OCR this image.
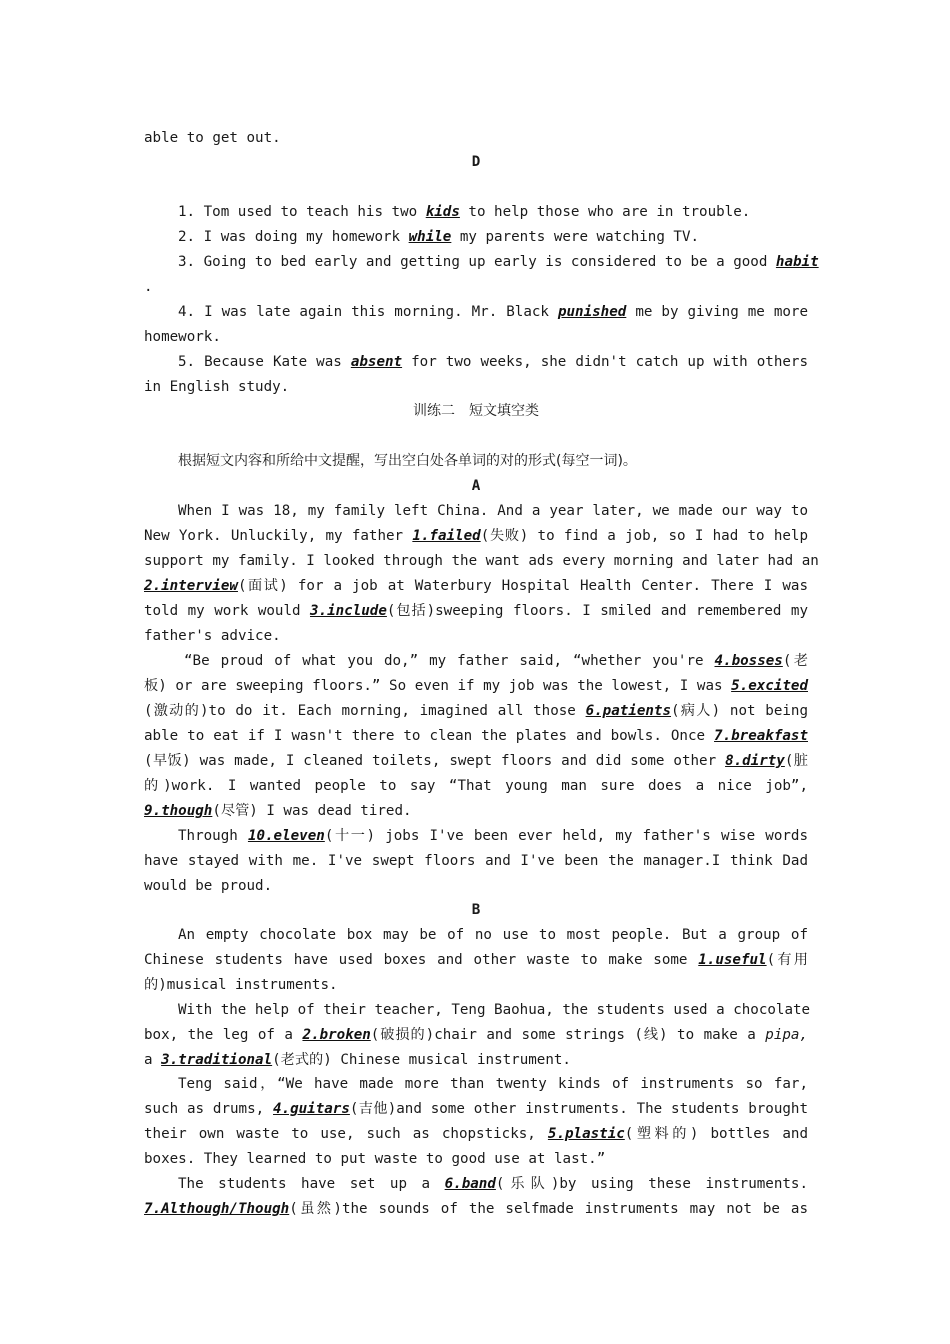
able to get out.
D
1. Tom used to teach his two kids to help those who are in trouble.
2. I was doing my homework while my parents were watching TV.
3. Going to bed early and getting up early is considered to be a good habit
.
4. I was late again this morning. Mr. Black punished me by giving me more
homework.
5. Because Kate was absent for two weeks, she didn't catch up with others
in English study.
训练二　短文填空类
根据短文内容和所给中文提醒，写出空白处各单词的对的形式(每空一词)。
A
When I was 18, my family left China. And a year later, we made our way to
New York. Unluckily, my father 1.failed(失败) to find a job, so I had to help
support my family. I looked through the want ads every morning and later had an
2.interview(面试) for a job at Waterbury Hospital Health Center. There I was
told my work would 3.include(包括)sweeping floors. I smiled and remembered my
father's advice.
“Be proud of what you do,” my father said, “whether you're 4.bosses(老
板) or are sweeping floors.” So even if my job was the lowest, I was 5.excited
(激动的)to do it. Each morning, imagined all those 6.patients(病人) not being
able to eat if I wasn't there to clean the plates and bowls. Once 7.breakfast
(早饭) was made, I cleaned toilets, swept floors and did some other 8.dirty(脏
的)work. I wanted people to say “That young man sure does a nice job”,
9.though(尽管) I was dead tired.
Through 10.eleven(十一) jobs I've been ever held, my father's wise words
have stayed with me. I've swept floors and I've been the manager.I think Dad
would be proud.
B
An empty chocolate box may be of no use to most people. But a group of
Chinese students have used boxes and other waste to make some 1.useful(有用
的)musical instruments.
With the help of their teacher, Teng Baohua, the students used a chocolate
box, the leg of a 2.broken(破损的)chair and some strings (线) to make a pipa,
a 3.traditional(老式的) Chinese musical instrument.
Teng said，“We have made more than twenty kinds of instruments so far,
such as drums, 4.guitars(吉他)and some other instruments. The students brought
their own waste to use, such as chopsticks, 5.plastic(塑料的) bottles and
boxes. They learned to put waste to good use at last.”
The students have set up a 6.band(乐队)by using these instruments.
7.Although/Though(虽然)the sounds of the selfmade instruments may not be as
